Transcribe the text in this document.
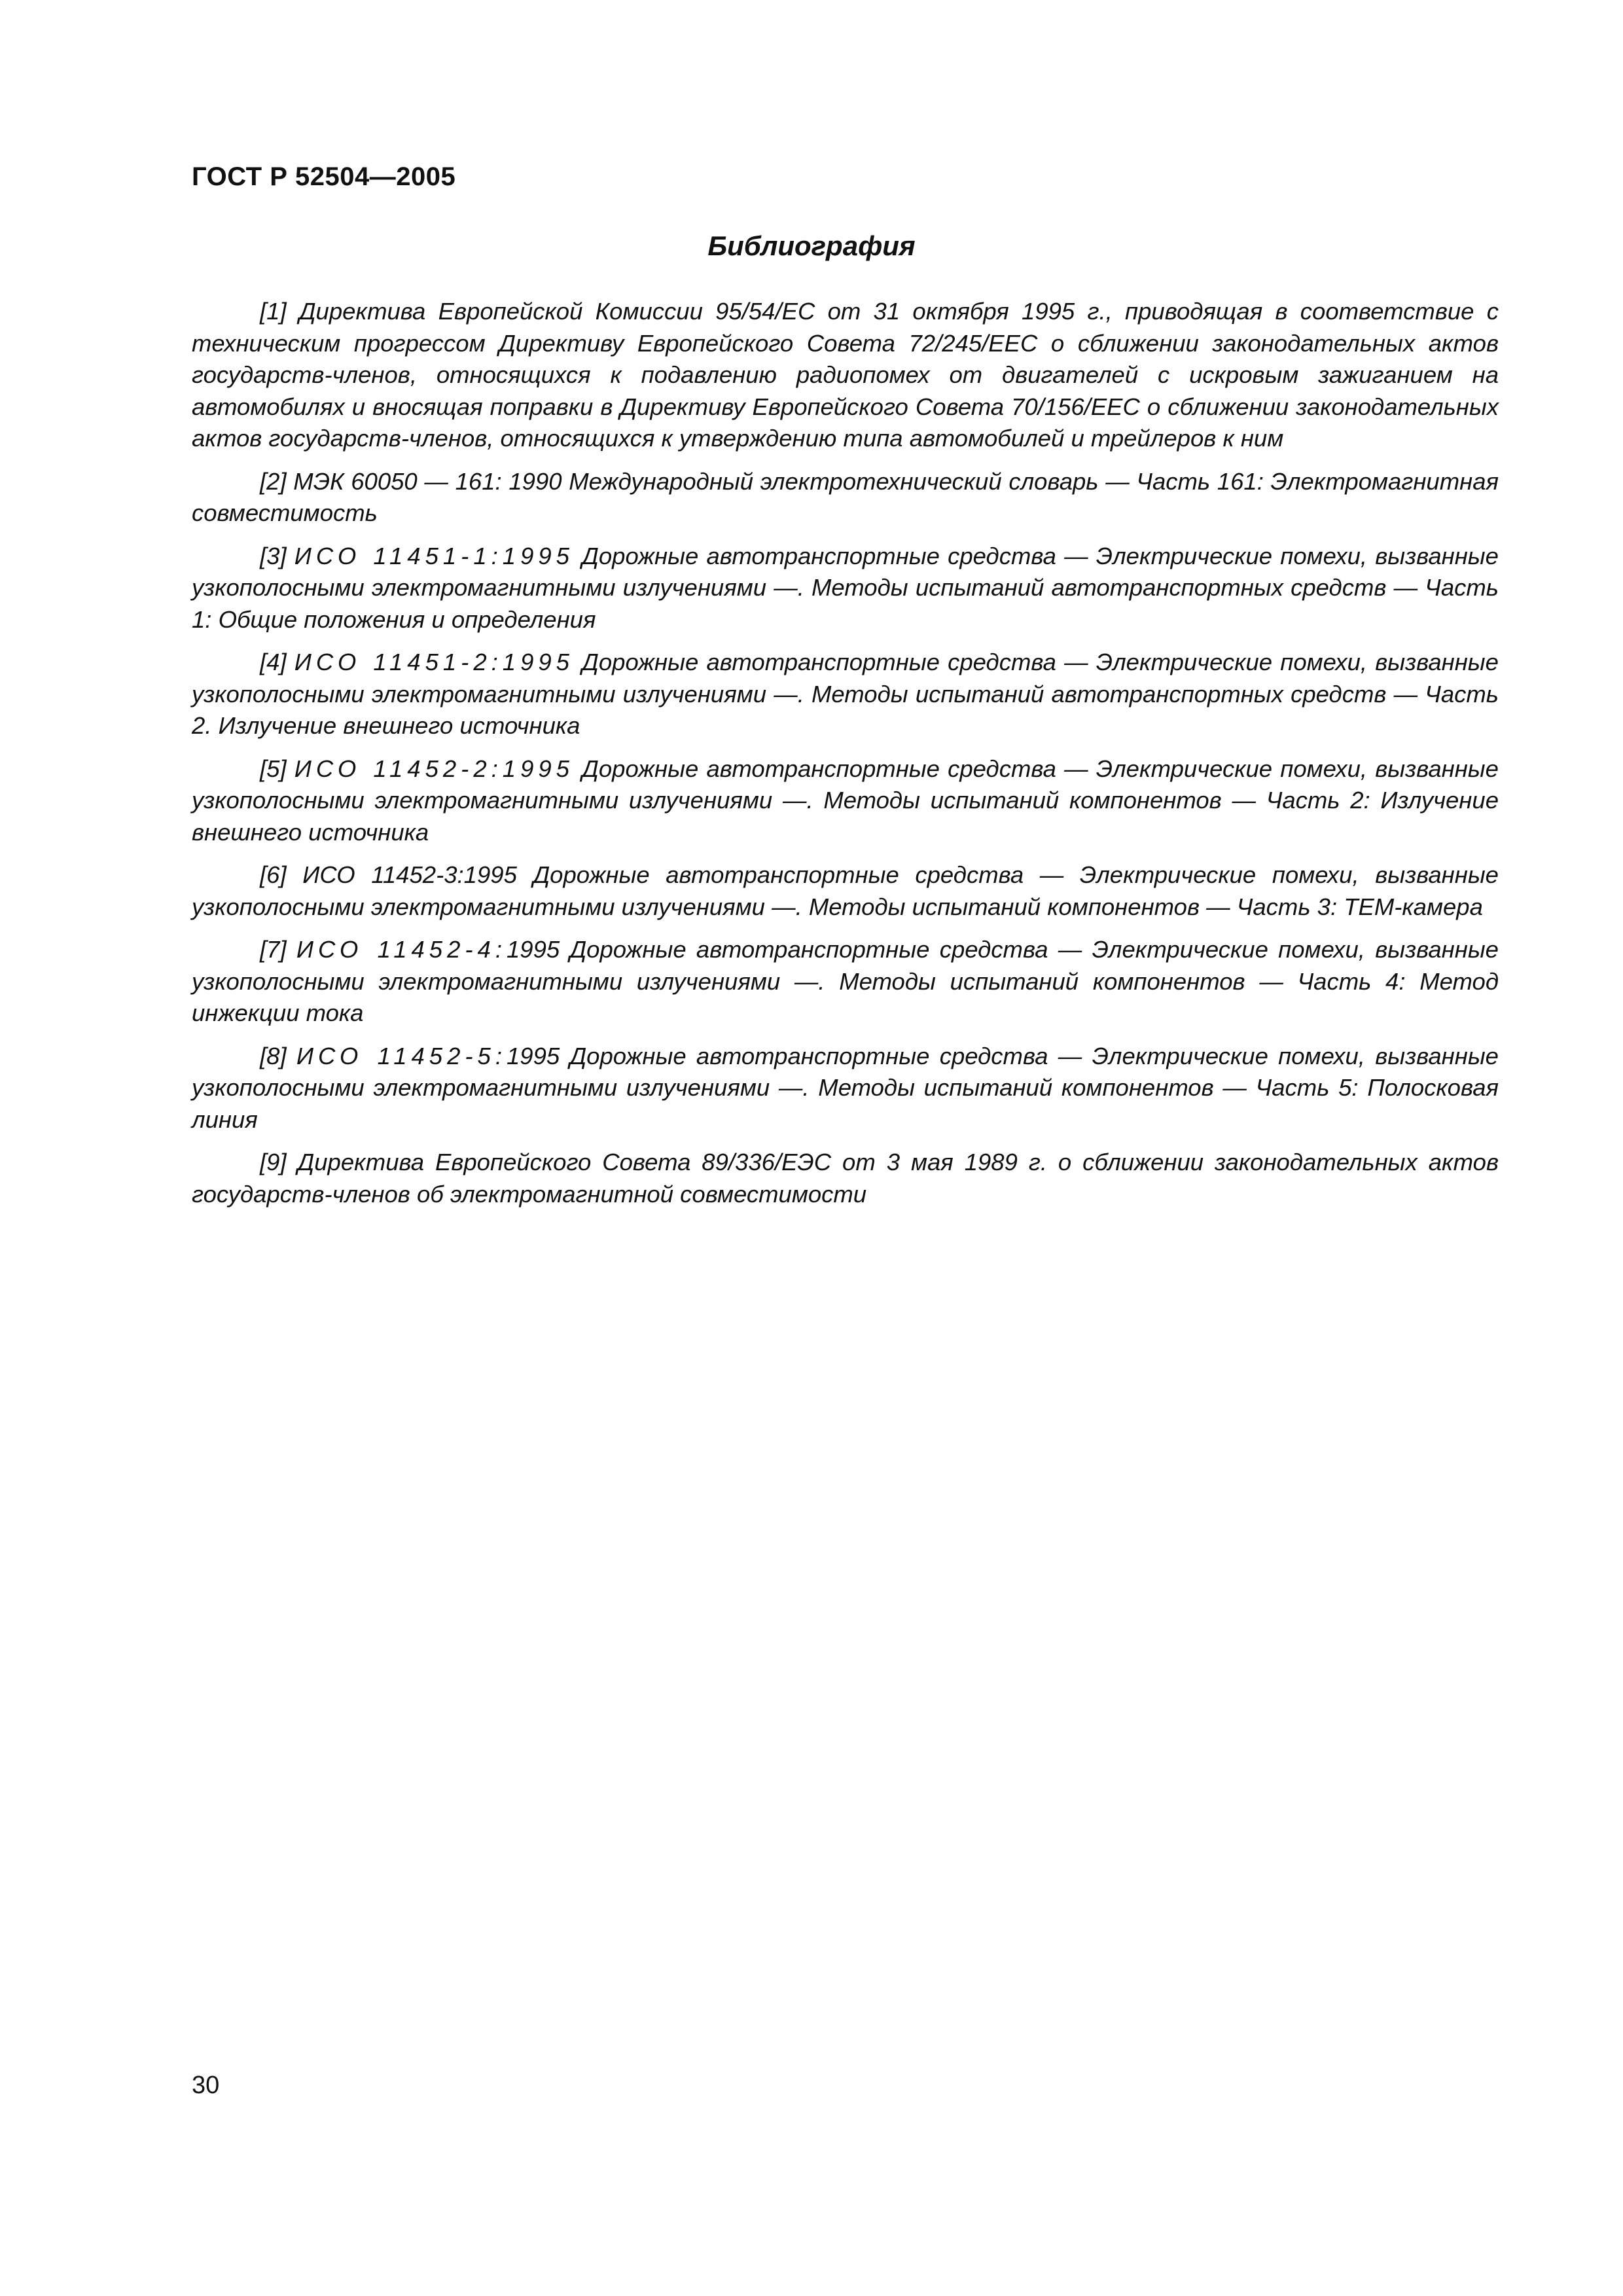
ГОСТ Р 52504—2005
Библиография
[1] Директива Европейской Комиссии 95/54/ЕС от 31 октября 1995 г., приводящая в соответствие с техническим прогрессом Директиву Европейского Совета 72/245/EEC о сближении законодательных актов государств-членов, относящихся к подавлению радиопомех от двигателей с искровым зажиганием на автомобилях и вносящая поправки в Директиву Европейского Совета 70/156/EEC о сближении законодательных актов государств-членов, относящихся к утверждению типа автомобилей и трейлеров к ним
[2] МЭК 60050 — 161: 1990 Международный электротехнический словарь — Часть 161: Электромагнитная совместимость
[3] ИСО 11451-1:1995 Дорожные автотранспортные средства — Электрические помехи, вызванные узкополосными электромагнитными излучениями —. Методы испытаний автотранспортных средств — Часть 1: Общие положения и определения
[4] ИСО 11451-2:1995 Дорожные автотранспортные средства — Электрические помехи, вызванные узкополосными электромагнитными излучениями —. Методы испытаний автотранспортных средств — Часть 2. Излучение внешнего источника
[5] ИСО 11452-2:1995 Дорожные автотранспортные средства — Электрические помехи, вызванные узкополосными электромагнитными излучениями —. Методы испытаний компонентов — Часть 2: Излучение внешнего источника
[6] ИСО 11452-3:1995 Дорожные автотранспортные средства — Электрические помехи, вызванные узкополосными электромагнитными излучениями —. Методы испытаний компонентов — Часть 3: ТЕМ-камера
[7] ИСО 11452-4:1995 Дорожные автотранспортные средства — Электрические помехи, вызванные узкополосными электромагнитными излучениями —. Методы испытаний компонентов — Часть 4: Метод инжекции тока
[8] ИСО 11452-5:1995 Дорожные автотранспортные средства — Электрические помехи, вызванные узкополосными электромагнитными излучениями —. Методы испытаний компонентов — Часть 5: Полосковая линия
[9] Директива Европейского Совета 89/336/ЕЭС от 3 мая 1989 г. о сближении законодательных актов государств-членов об электромагнитной совместимости
30
